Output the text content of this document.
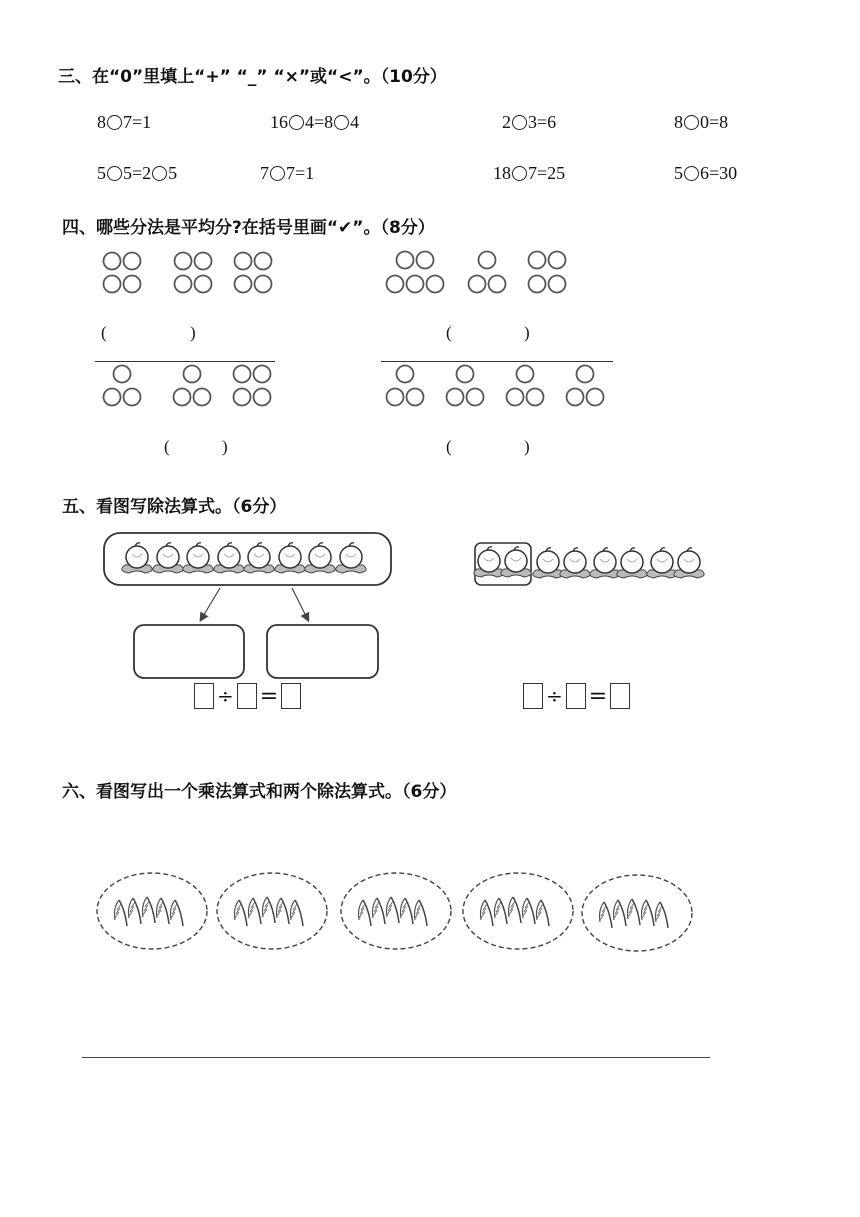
三、在“0”里填上“+” “_” “×”或“<”。（10分）
8 7=1	16 4=8 4	2 3=6	8 0=8
5 5=2 5	7 7=1	18 7=25	5 6=30
四、哪些分法是平均分?在括号里画“✔”。（8分）
(	)	(	)
(	)	(	)
五、看图写除法算式。（6分）
÷ =	÷ =
六、看图写出一个乘法算式和两个除法算式。（6分）
